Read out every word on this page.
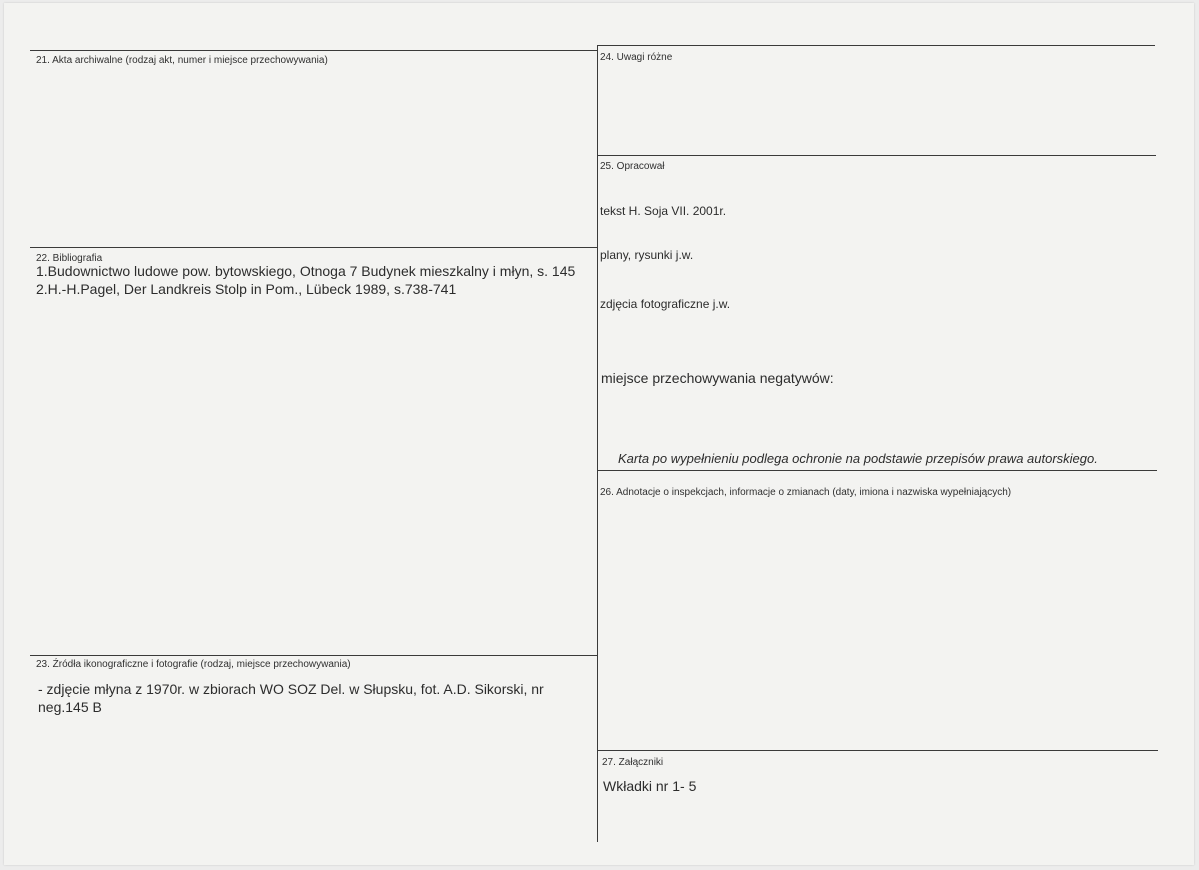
21. Akta archiwalne (rodzaj akt, numer i miejsce przechowywania)
22. Bibliografia
1.Budownictwo ludowe pow. bytowskiego, Otnoga 7 Budynek mieszkalny i młyn, s. 145
2.H.-H.Pagel, Der Landkreis Stolp in Pom., Lübeck 1989, s.738-741
23. Źródła ikonograficzne i fotografie (rodzaj, miejsce przechowywania)
- zdjęcie młyna z 1970r. w zbiorach WO SOZ Del. w Słupsku, fot. A.D. Sikorski, nr
neg.145 B
24. Uwagi różne
25. Opracował
tekst H. Soja VII. 2001r.
plany, rysunki j.w.
zdjęcia fotograficzne j.w.
miejsce przechowywania negatywów:
Karta po wypełnieniu podlega ochronie na podstawie przepisów prawa autorskiego.
26. Adnotacje o inspekcjach, informacje o zmianach (daty, imiona i nazwiska wypełniających)
27. Załączniki
Wkładki nr 1- 5
